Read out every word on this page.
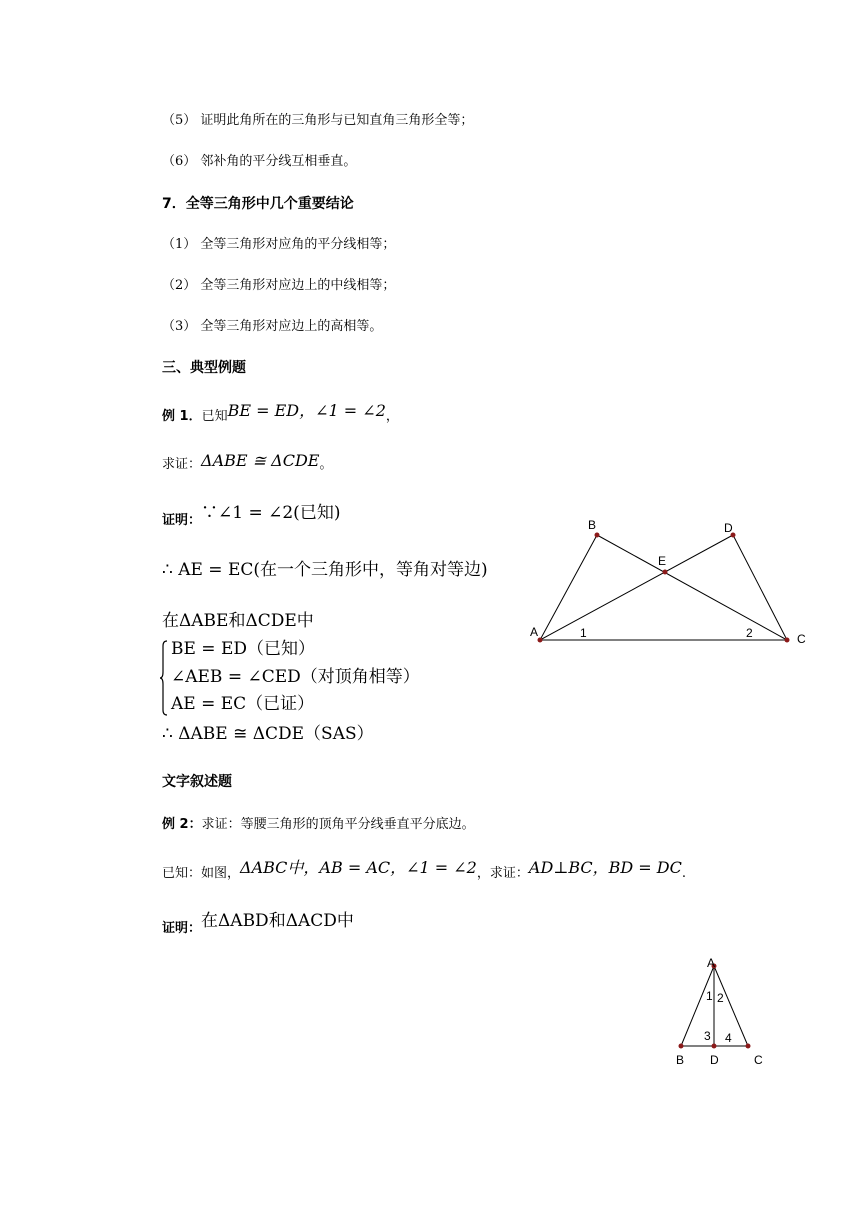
（5） 证明此角所在的三角形与已知直角三角形全等；
（6） 邻补角的平分线互相垂直。
7．全等三角形中几个重要结论
（1） 全等三角形对应角的平分线相等；
（2） 全等三角形对应边上的中线相等；
（3） 全等三角形对应边上的高相等。
三、典型例题
例 1．已知BE = ED，∠1 = ∠2，
求证：ΔABE ≅ ΔCDE。
证明：∵∠1 = ∠2(已知)
∴ AE = EC(在一个三角形中，等角对等边)
在ΔABE和ΔCDE中
BE = ED（已知）
∠AEB = ∠CED（对顶角相等）
AE = EC（已证）
∴ ΔABE ≅ ΔCDE（SAS）
A
B	D
E
C
1	2
文字叙述题
例 2：求证：等腰三角形的顶角平分线垂直平分底边。
已知：如图，ΔABC中，AB = AC，∠1 = ∠2，求证：AD⊥BC，BD = DC.
证明：在ΔABD和ΔACD中
A
B D	C
1 2
3 4
